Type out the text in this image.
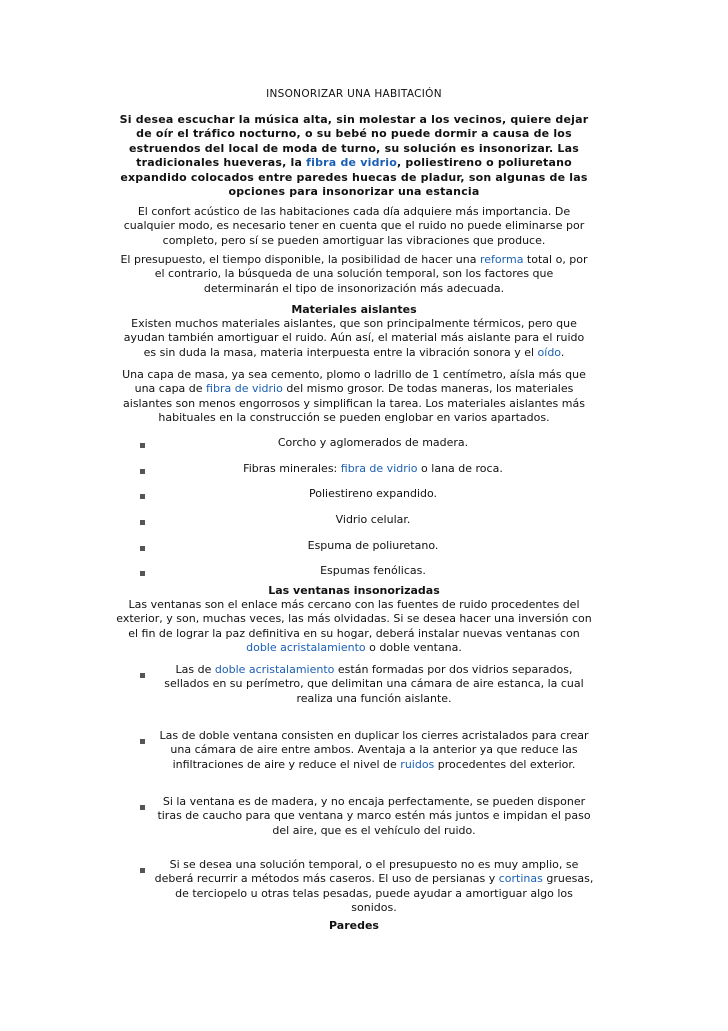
INSONORIZAR UNA HABITACIÓN
Si desea escuchar la música alta, sin molestar a los vecinos, quiere dejar de oír el tráfico nocturno, o su bebé no puede dormir a causa de los estruendos del local de moda de turno, su solución es insonorizar. Las tradicionales hueveras, la fibra de vidrio, poliestireno o poliuretano expandido colocados entre paredes huecas de pladur, son algunas de las opciones para insonorizar una estancia
El confort acústico de las habitaciones cada día adquiere más importancia. De cualquier modo, es necesario tener en cuenta que el ruido no puede eliminarse por completo, pero sí se pueden amortiguar las vibraciones que produce.
El presupuesto, el tiempo disponible, la posibilidad de hacer una reforma total o, por el contrario, la búsqueda de una solución temporal, son los factores que determinarán el tipo de insonorización más adecuada.
Materiales aislantes
Existen muchos materiales aislantes, que son principalmente térmicos, pero que ayudan también amortiguar el ruido. Aún así, el material más aislante para el ruido es sin duda la masa, materia interpuesta entre la vibración sonora y el oído.
Una capa de masa, ya sea cemento, plomo o ladrillo de 1 centímetro, aísla más que una capa de fibra de vidrio del mismo grosor. De todas maneras, los materiales aislantes son menos engorrosos y simplifican la tarea. Los materiales aislantes más habituales en la construcción se pueden englobar en varios apartados.
Corcho y aglomerados de madera.
Fibras minerales: fibra de vidrio o lana de roca.
Poliestireno expandido.
Vidrio celular.
Espuma de poliuretano.
Espumas fenólicas.
Las ventanas insonorizadas
Las ventanas son el enlace más cercano con las fuentes de ruido procedentes del exterior, y son, muchas veces, las más olvidadas. Si se desea hacer una inversión con el fin de lograr la paz definitiva en su hogar, deberá instalar nuevas ventanas con doble acristalamiento o doble ventana.
Las de doble acristalamiento están formadas por dos vidrios separados, sellados en su perímetro, que delimitan una cámara de aire estanca, la cual realiza una función aislante.
Las de doble ventana consisten en duplicar los cierres acristalados para crear una cámara de aire entre ambos. Aventaja a la anterior ya que reduce las infiltraciones de aire y reduce el nivel de ruidos procedentes del exterior.
Si la ventana es de madera, y no encaja perfectamente, se pueden disponer tiras de caucho para que ventana y marco estén más juntos e impidan el paso del aire, que es el vehículo del ruido.
Si se desea una solución temporal, o el presupuesto no es muy amplio, se deberá recurrir a métodos más caseros. El uso de persianas y cortinas gruesas, de terciopelo u otras telas pesadas, puede ayudar a amortiguar algo los sonidos.
Paredes
